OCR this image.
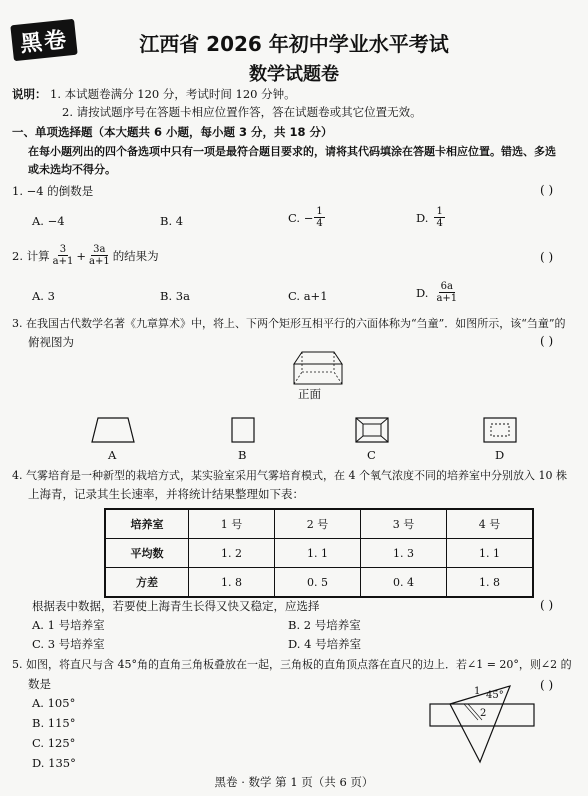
黑卷	江西省 2026 年初中学业水平考试
数学试题卷
说明： 1. 本试题卷满分 120 分，考试时间 120 分钟。
2. 请按试题序号在答题卡相应位置作答，答在试题卷或其它位置无效。
一、单项选择题（本大题共 6 小题，每小题 3 分，共 18 分）
在每小题列出的四个备选项中只有一项是最符合题目要求的，请将其代码填涂在答题卡相应位置。错选、多选
或未选均不得分。
1. −4 的倒数是	( )
A. −4	B. 4	C. − $\frac{1}{4}$	D. $\frac{1}{4}$
2. 计算 $\frac{3}{a+1} + \frac{3a}{a+1}$ 的结果为	( )
A. 3	B. 3a	C. a+1	D. $\frac{6a}{a+1}$
3. 在我国古代数学名著《九章算术》中，将上、下两个矩形互相平行的六面体称为“刍童”．如图所示，该“刍童”的
俯视图为	( )
正面
A	B	C	D
4. 气雾培育是一种新型的栽培方式，某实验室采用气雾培育模式，在 4 个氧气浓度不同的培养室中分别放入 10 株
上海青，记录其生长速率，并将统计结果整理如下表：
培养室	1 号	2 号	3 号	4 号
平均数	1. 2	1. 1	1. 3	1. 1
方差	1. 8	0. 5	0. 4	1. 8
根据表中数据，若要使上海青生长得又快又稳定，应选择	( )
A. 1 号培养室	B. 2 号培养室
C. 3 号培养室	D. 4 号培养室
5. 如图，将直尺与含 45°角的直角三角板叠放在一起，三角板的直角顶点落在直尺的边上．若∠1 = 20°，则∠2 的
数是	( )
A. 105°
B. 115°
C. 125°
D. 135°
1 45°
2
黑卷 · 数学 第 1 页（共 6 页）
